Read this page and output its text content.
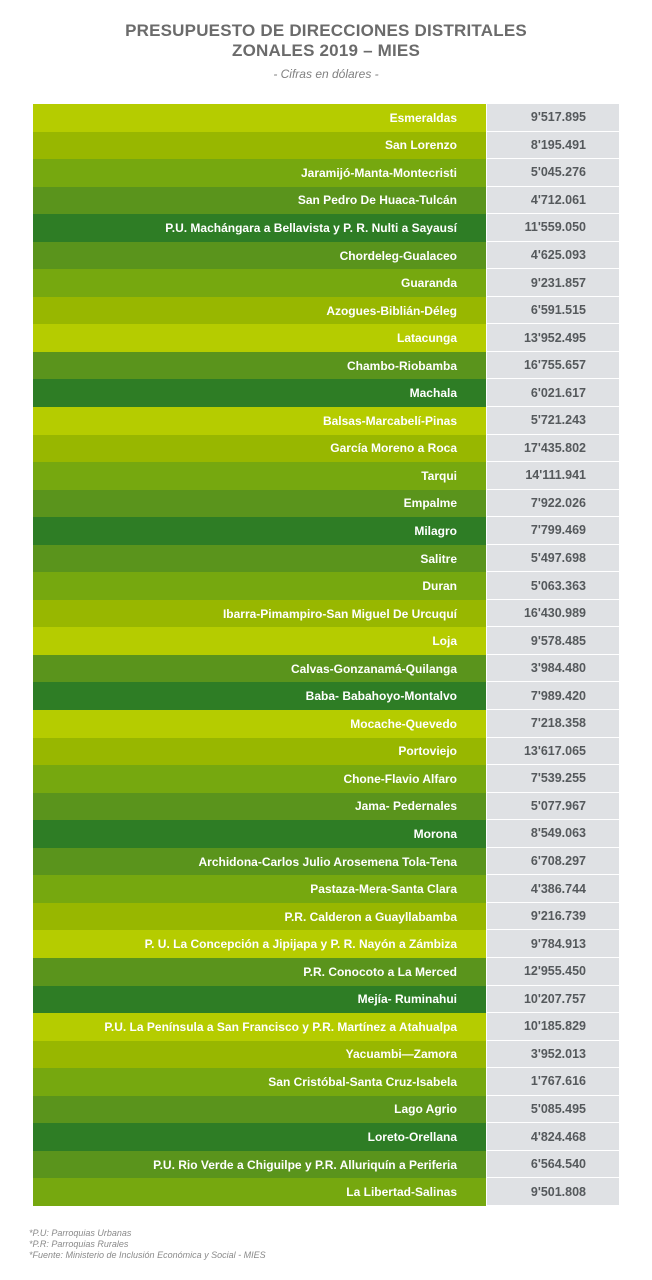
PRESUPUESTO DE DIRECCIONES DISTRITALES
ZONALES 2019 – MIES
- Cifras en dólares -
Esmeraldas	9'517.895
San Lorenzo	8'195.491
Jaramijó-Manta-Montecristi	5'045.276
San Pedro De Huaca-Tulcán	4'712.061
P.U. Machángara a Bellavista y P. R. Nulti a Sayausí	11'559.050
Chordeleg-Gualaceo	4'625.093
Guaranda	9'231.857
Azogues-Biblián-Déleg	6'591.515
Latacunga	13'952.495
Chambo-Riobamba	16'755.657
Machala	6'021.617
Balsas-Marcabelí-Pinas	5'721.243
García Moreno a Roca	17'435.802
Tarqui	14'111.941
Empalme	7'922.026
Milagro	7'799.469
Salitre	5'497.698
Duran	5'063.363
Ibarra-Pimampiro-San Miguel De Urcuquí	16'430.989
Loja	9'578.485
Calvas-Gonzanamá-Quilanga	3'984.480
Baba- Babahoyo-Montalvo	7'989.420
Mocache-Quevedo	7'218.358
Portoviejo	13'617.065
Chone-Flavio Alfaro	7'539.255
Jama- Pedernales	5'077.967
Morona	8'549.063
Archidona-Carlos Julio Arosemena Tola-Tena	6'708.297
Pastaza-Mera-Santa Clara	4'386.744
P.R. Calderon a Guayllabamba	9'216.739
P. U. La Concepción a Jipijapa y P. R. Nayón a Zámbiza	9'784.913
P.R. Conocoto a La Merced	12'955.450
Mejía- Ruminahui	10'207.757
P.U. La Península a San Francisco y P.R. Martínez a Atahualpa	10'185.829
Yacuambi—Zamora	3'952.013
San Cristóbal-Santa Cruz-Isabela	1'767.616
Lago Agrio	5'085.495
Loreto-Orellana	4'824.468
P.U. Rio Verde a Chiguilpe y P.R. Alluriquín a Periferia	6'564.540
La Libertad-Salinas	9'501.808
*P.U: Parroquias Urbanas
*P.R: Parroquias Rurales
*Fuente: Ministerio de Inclusión Económica y Social - MIES
